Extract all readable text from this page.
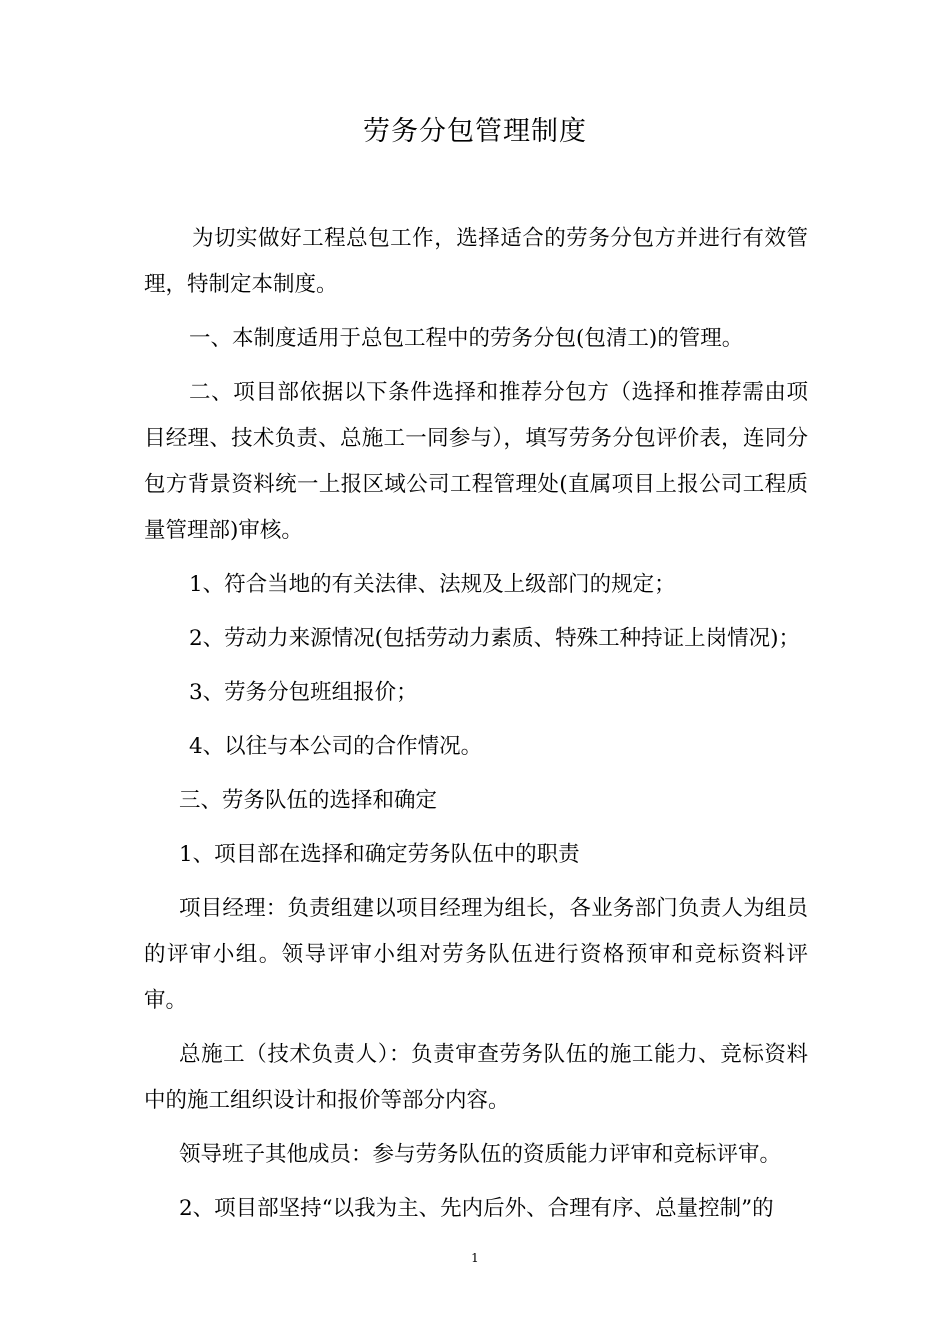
劳务分包管理制度

为切实做好工程总包工作，选择适合的劳务分包方并进行有效管理，特制定本制度。

一、本制度适用于总包工程中的劳务分包(包清工)的管理。

二、项目部依据以下条件选择和推荐分包方（选择和推荐需由项目经理、技术负责、总施工一同参与），填写劳务分包评价表，连同分包方背景资料统一上报区域公司工程管理处(直属项目上报公司工程质量管理部)审核。

1、符合当地的有关法律、法规及上级部门的规定；

2、劳动力来源情况(包括劳动力素质、特殊工种持证上岗情况)；

3、劳务分包班组报价；

4、以往与本公司的合作情况。

三、劳务队伍的选择和确定

1、项目部在选择和确定劳务队伍中的职责

项目经理：负责组建以项目经理为组长，各业务部门负责人为组员的评审小组。领导评审小组对劳务队伍进行资格预审和竞标资料评审。

总施工（技术负责人）：负责审查劳务队伍的施工能力、竞标资料中的施工组织设计和报价等部分内容。

领导班子其他成员：参与劳务队伍的资质能力评审和竞标评审。

2、项目部坚持“以我为主、先内后外、合理有序、总量控制”的

1
